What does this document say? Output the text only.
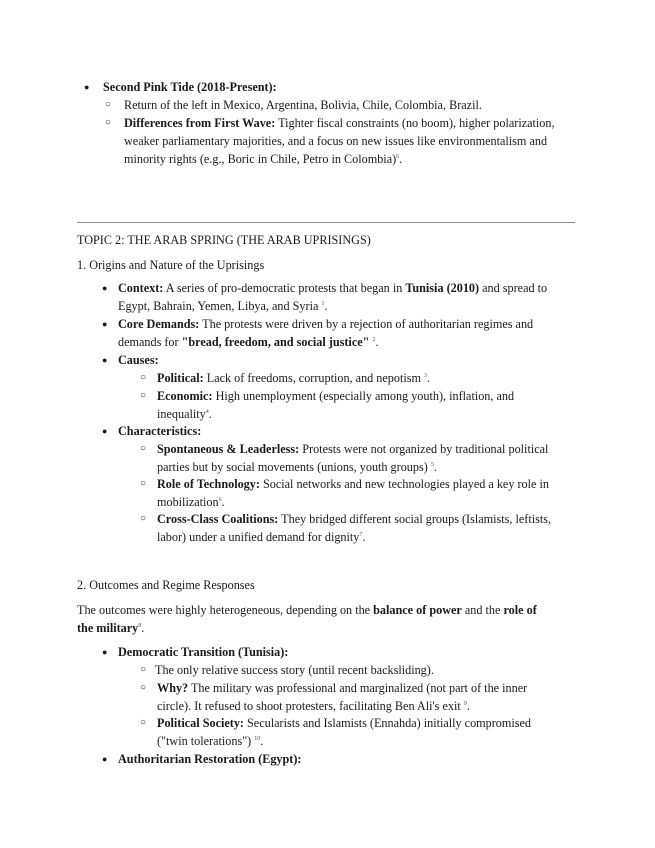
● Second Pink Tide (2018-Present):
○ Return of the left in Mexico, Argentina, Bolivia, Chile, Colombia, Brazil.
○ Differences from First Wave: Tighter fiscal constraints (no boom), higher polarization,
weaker parliamentary majorities, and a focus on new issues like environmentalism and
minority rights (e.g., Boric in Chile, Petro in Colombia)$^6$.
TOPIC 2: THE ARAB SPRING (THE ARAB UPRISINGS)
1. Origins and Nature of the Uprisings
● Context: A series of pro-democratic protests that began in Tunisia (2010) and spread to
Egypt, Bahrain, Yemen, Libya, and Syria $^1$.
● Core Demands: The protests were driven by a rejection of authoritarian regimes and
demands for "bread, freedom, and social justice" $^2$.
● Causes:
○ Political: Lack of freedoms, corruption, and nepotism $^3$.
○ Economic: High unemployment (especially among youth), inflation, and
inequality$^4$.
● Characteristics:
○ Spontaneous & Leaderless: Protests were not organized by traditional political
parties but by social movements (unions, youth groups) $^5$.
○ Role of Technology: Social networks and new technologies played a key role in
mobilization$^6$.
○ Cross-Class Coalitions: They bridged different social groups (Islamists, leftists,
labor) under a unified demand for dignity$^7$.
2. Outcomes and Regime Responses
The outcomes were highly heterogeneous, depending on the balance of power and the role of
the military$^8$.
● Democratic Transition (Tunisia):
○ The only relative success story (until recent backsliding).
○ Why? The military was professional and marginalized (not part of the inner
circle). It refused to shoot protesters, facilitating Ben Ali's exit $^9$.
○ Political Society: Secularists and Islamists (Ennahda) initially compromised
("twin tolerations") $^{10}$.
● Authoritarian Restoration (Egypt):
